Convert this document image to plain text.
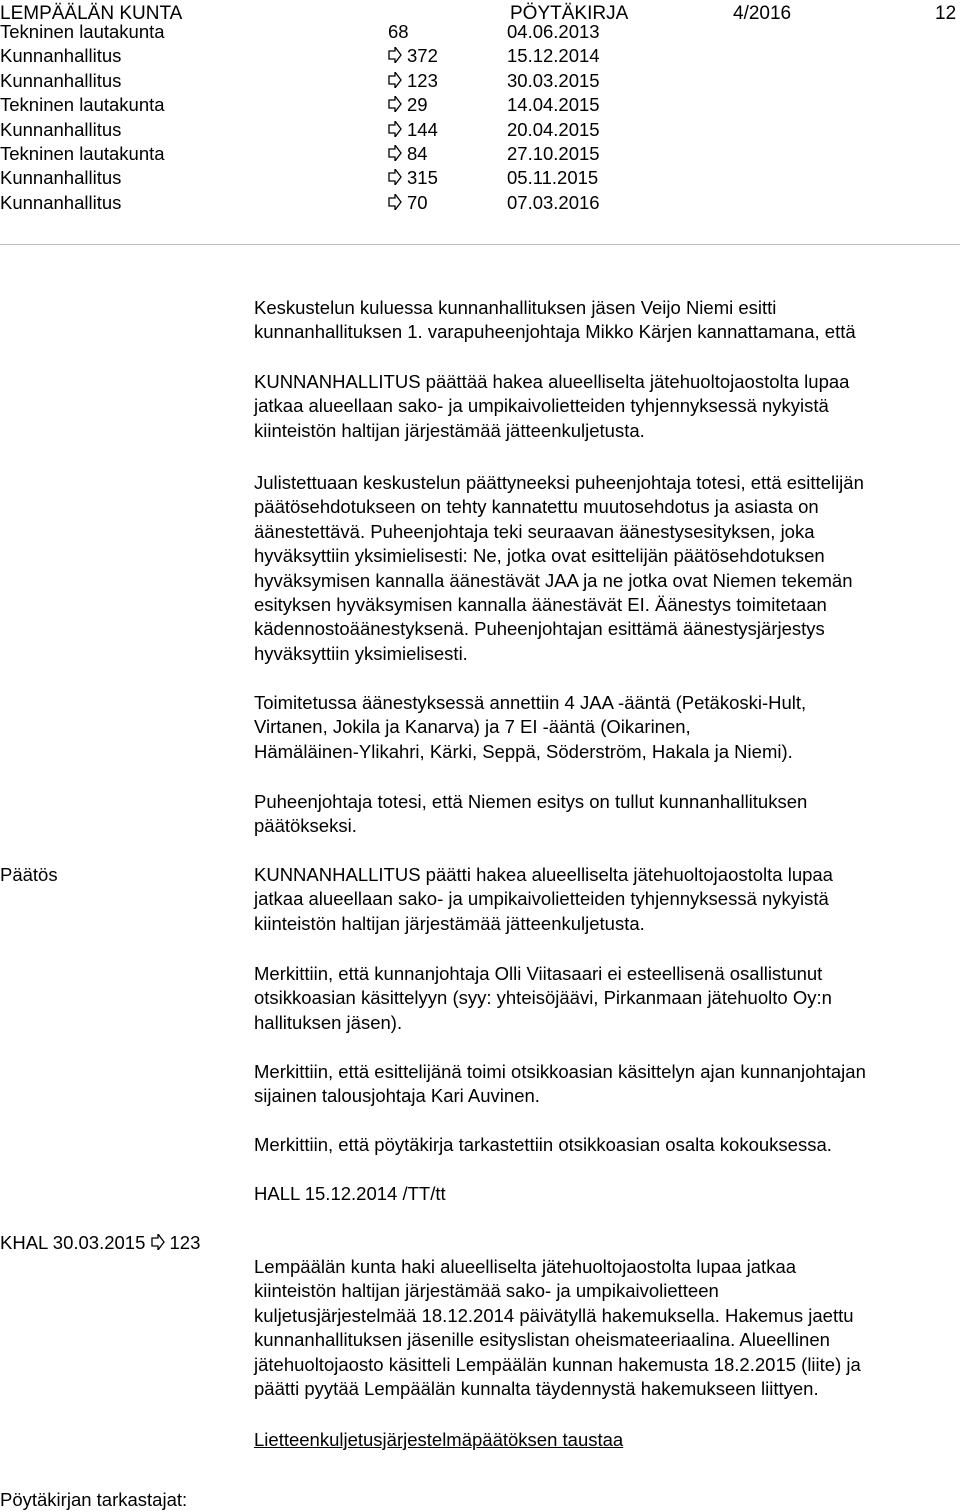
LEMPÄÄLÄN KUNTA	PÖYTÄKIRJA	4/2016	12
Tekninen lautakunta	68	04.06.2013
Kunnanhallitus	372	15.12.2014
Kunnanhallitus	123	30.03.2015
Tekninen lautakunta	29	14.04.2015
Kunnanhallitus	144	20.04.2015
Tekninen lautakunta	84	27.10.2015
Kunnanhallitus	315	05.11.2015
Kunnanhallitus	70	07.03.2016
Keskustelun kuluessa kunnanhallituksen jäsen Veijo Niemi esitti
kunnanhallituksen 1. varapuheenjohtaja Mikko Kärjen kannattamana, että
KUNNANHALLITUS päättää hakea alueelliselta jätehuoltojaostolta lupaa
jatkaa alueellaan sako- ja umpikaivolietteiden tyhjennyksessä nykyistä
kiinteistön haltijan järjestämää jätteenkuljetusta.
Julistettuaan keskustelun päättyneeksi puheenjohtaja totesi, että esittelijän
päätösehdotukseen on tehty kannatettu muutosehdotus ja asiasta on
äänestettävä. Puheenjohtaja teki seuraavan äänestysesityksen, joka
hyväksyttiin yksimielisesti: Ne, jotka ovat esittelijän päätösehdotuksen
hyväksymisen kannalla äänestävät JAA ja ne jotka ovat Niemen tekemän
esityksen hyväksymisen kannalla äänestävät EI. Äänestys toimitetaan
kädennostoäänestyksenä. Puheenjohtajan esittämä äänestysjärjestys
hyväksyttiin yksimielisesti.
Toimitetussa äänestyksessä annettiin 4 JAA -ääntä (Petäkoski-Hult,
Virtanen, Jokila ja Kanarva) ja 7 EI -ääntä (Oikarinen,
Hämäläinen-Ylikahri, Kärki, Seppä, Söderström, Hakala ja Niemi).
Puheenjohtaja totesi, että Niemen esitys on tullut kunnanhallituksen
päätökseksi.
Päätös	KUNNANHALLITUS päätti hakea alueelliselta jätehuoltojaostolta lupaa
jatkaa alueellaan sako- ja umpikaivolietteiden tyhjennyksessä nykyistä
kiinteistön haltijan järjestämää jätteenkuljetusta.
Merkittiin, että kunnanjohtaja Olli Viitasaari ei esteellisenä osallistunut
otsikkoasian käsittelyyn (syy: yhteisöjäävi, Pirkanmaan jätehuolto Oy:n
hallituksen jäsen).
Merkittiin, että esittelijänä toimi otsikkoasian käsittelyn ajan kunnanjohtajan
sijainen talousjohtaja Kari Auvinen.
Merkittiin, että pöytäkirja tarkastettiin otsikkoasian osalta kokouksessa.
HALL 15.12.2014 /TT/tt
KHAL 30.03.2015 123
Lempäälän kunta haki alueelliselta jätehuoltojaostolta lupaa jatkaa
kiinteistön haltijan järjestämää sako- ja umpikaivolietteen
kuljetusjärjestelmää 18.12.2014 päivätyllä hakemuksella. Hakemus jaettu
kunnanhallituksen jäsenille esityslistan oheismateeriaalina. Alueellinen
jätehuoltojaosto käsitteli Lempäälän kunnan hakemusta 18.2.2015 (liite) ja
päätti pyytää Lempäälän kunnalta täydennystä hakemukseen liittyen.
Lietteenkuljetusjärjestelmäpäätöksen taustaa
Pöytäkirjan tarkastajat:
